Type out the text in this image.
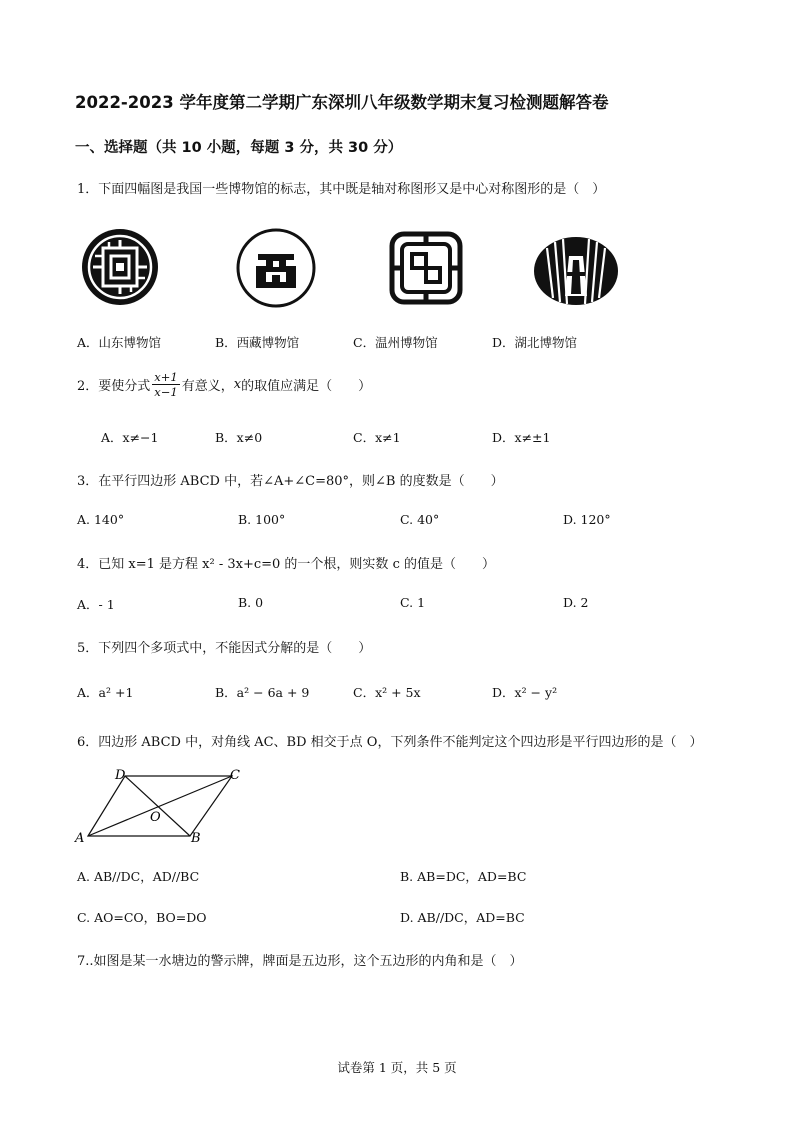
2022-2023 学年度第二学期广东深圳八年级数学期末复习检测题解答卷
一、选择题（共 10 小题，每题 3 分，共 30 分）
1．下面四幅图是我国一些博物馆的标志，其中既是轴对称图形又是中心对称图形的是（　）
A．山东博物馆	B．西藏博物馆	C．温州博物馆	D．湖北博物馆
2．要使分式 $\frac{x+1}{x-1}$ 有意义， x 的取值应满足（　　）
A．x≠−1	B．x≠0	C．x≠1	D．x≠±1
3．在平行四边形 ABCD 中，若∠A+∠C=80°，则∠B 的度数是（　　）
A. 140°	B. 100°	C. 40°	D. 120°
4．已知 x=1 是方程 x² - 3x+c=0 的一个根，则实数 c 的值是（　　）
A．- 1	B. 0	C. 1	D. 2
5．下列四个多项式中，不能因式分解的是（　　）
A．a² +1	B．a² − 6a + 9	C．x² + 5x	D．x² − y²
6．四边形 ABCD 中，对角线 AC、BD 相交于点 O，下列条件不能判定这个四边形是平行四边形的是（　）
D	C
O
A	B
A. AB//DC，AD//BC	B. AB=DC，AD=BC
C. AO=CO，BO=DO	D. AB//DC，AD=BC
7..如图是某一水塘边的警示牌，牌面是五边形，这个五边形的内角和是（　）
试卷第 1 页，共 5 页
